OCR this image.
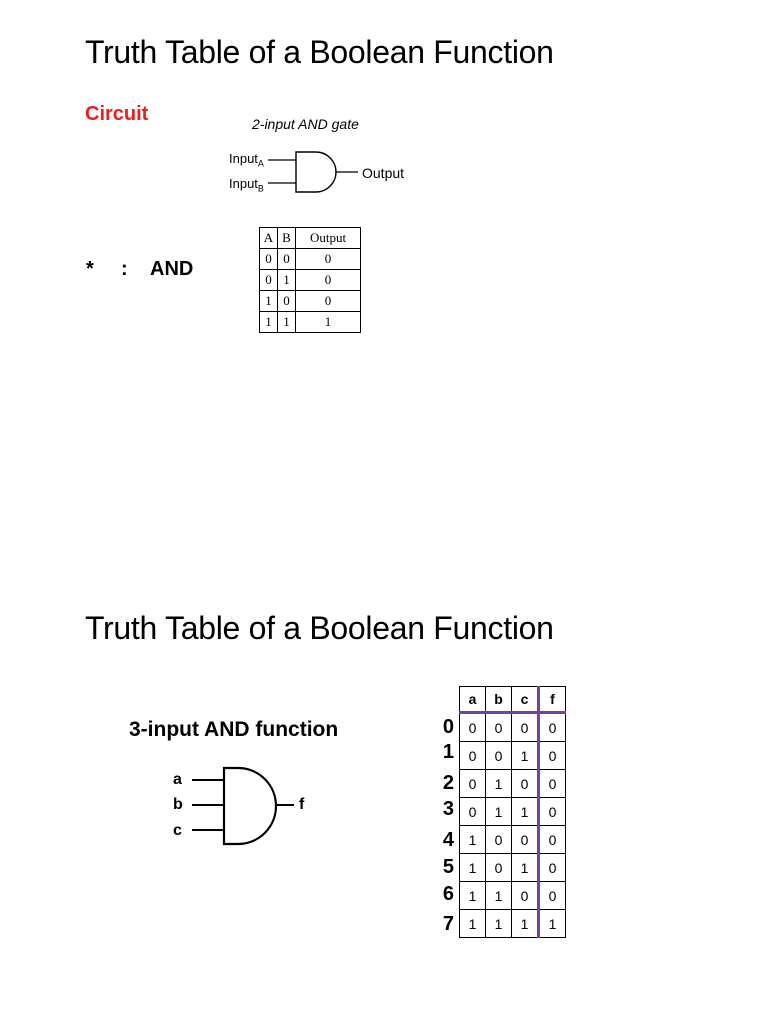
Truth Table of a Boolean Function
Circuit	2-input AND gate
Input$_A$
Input$_B$
Output
* : AND
A	B	Output
0	0	0
0	1	0
1	0	0
1	1	1
Truth Table of a Boolean Function
3-input AND function
a
b
c
f
0
1
2
3
4
5
6
7
a	b	c	f
0	0	0	0
0	0	1	0
0	1	0	0
0	1	1	0
1	0	0	0
1	0	1	0
1	1	0	0
1	1	1	1
